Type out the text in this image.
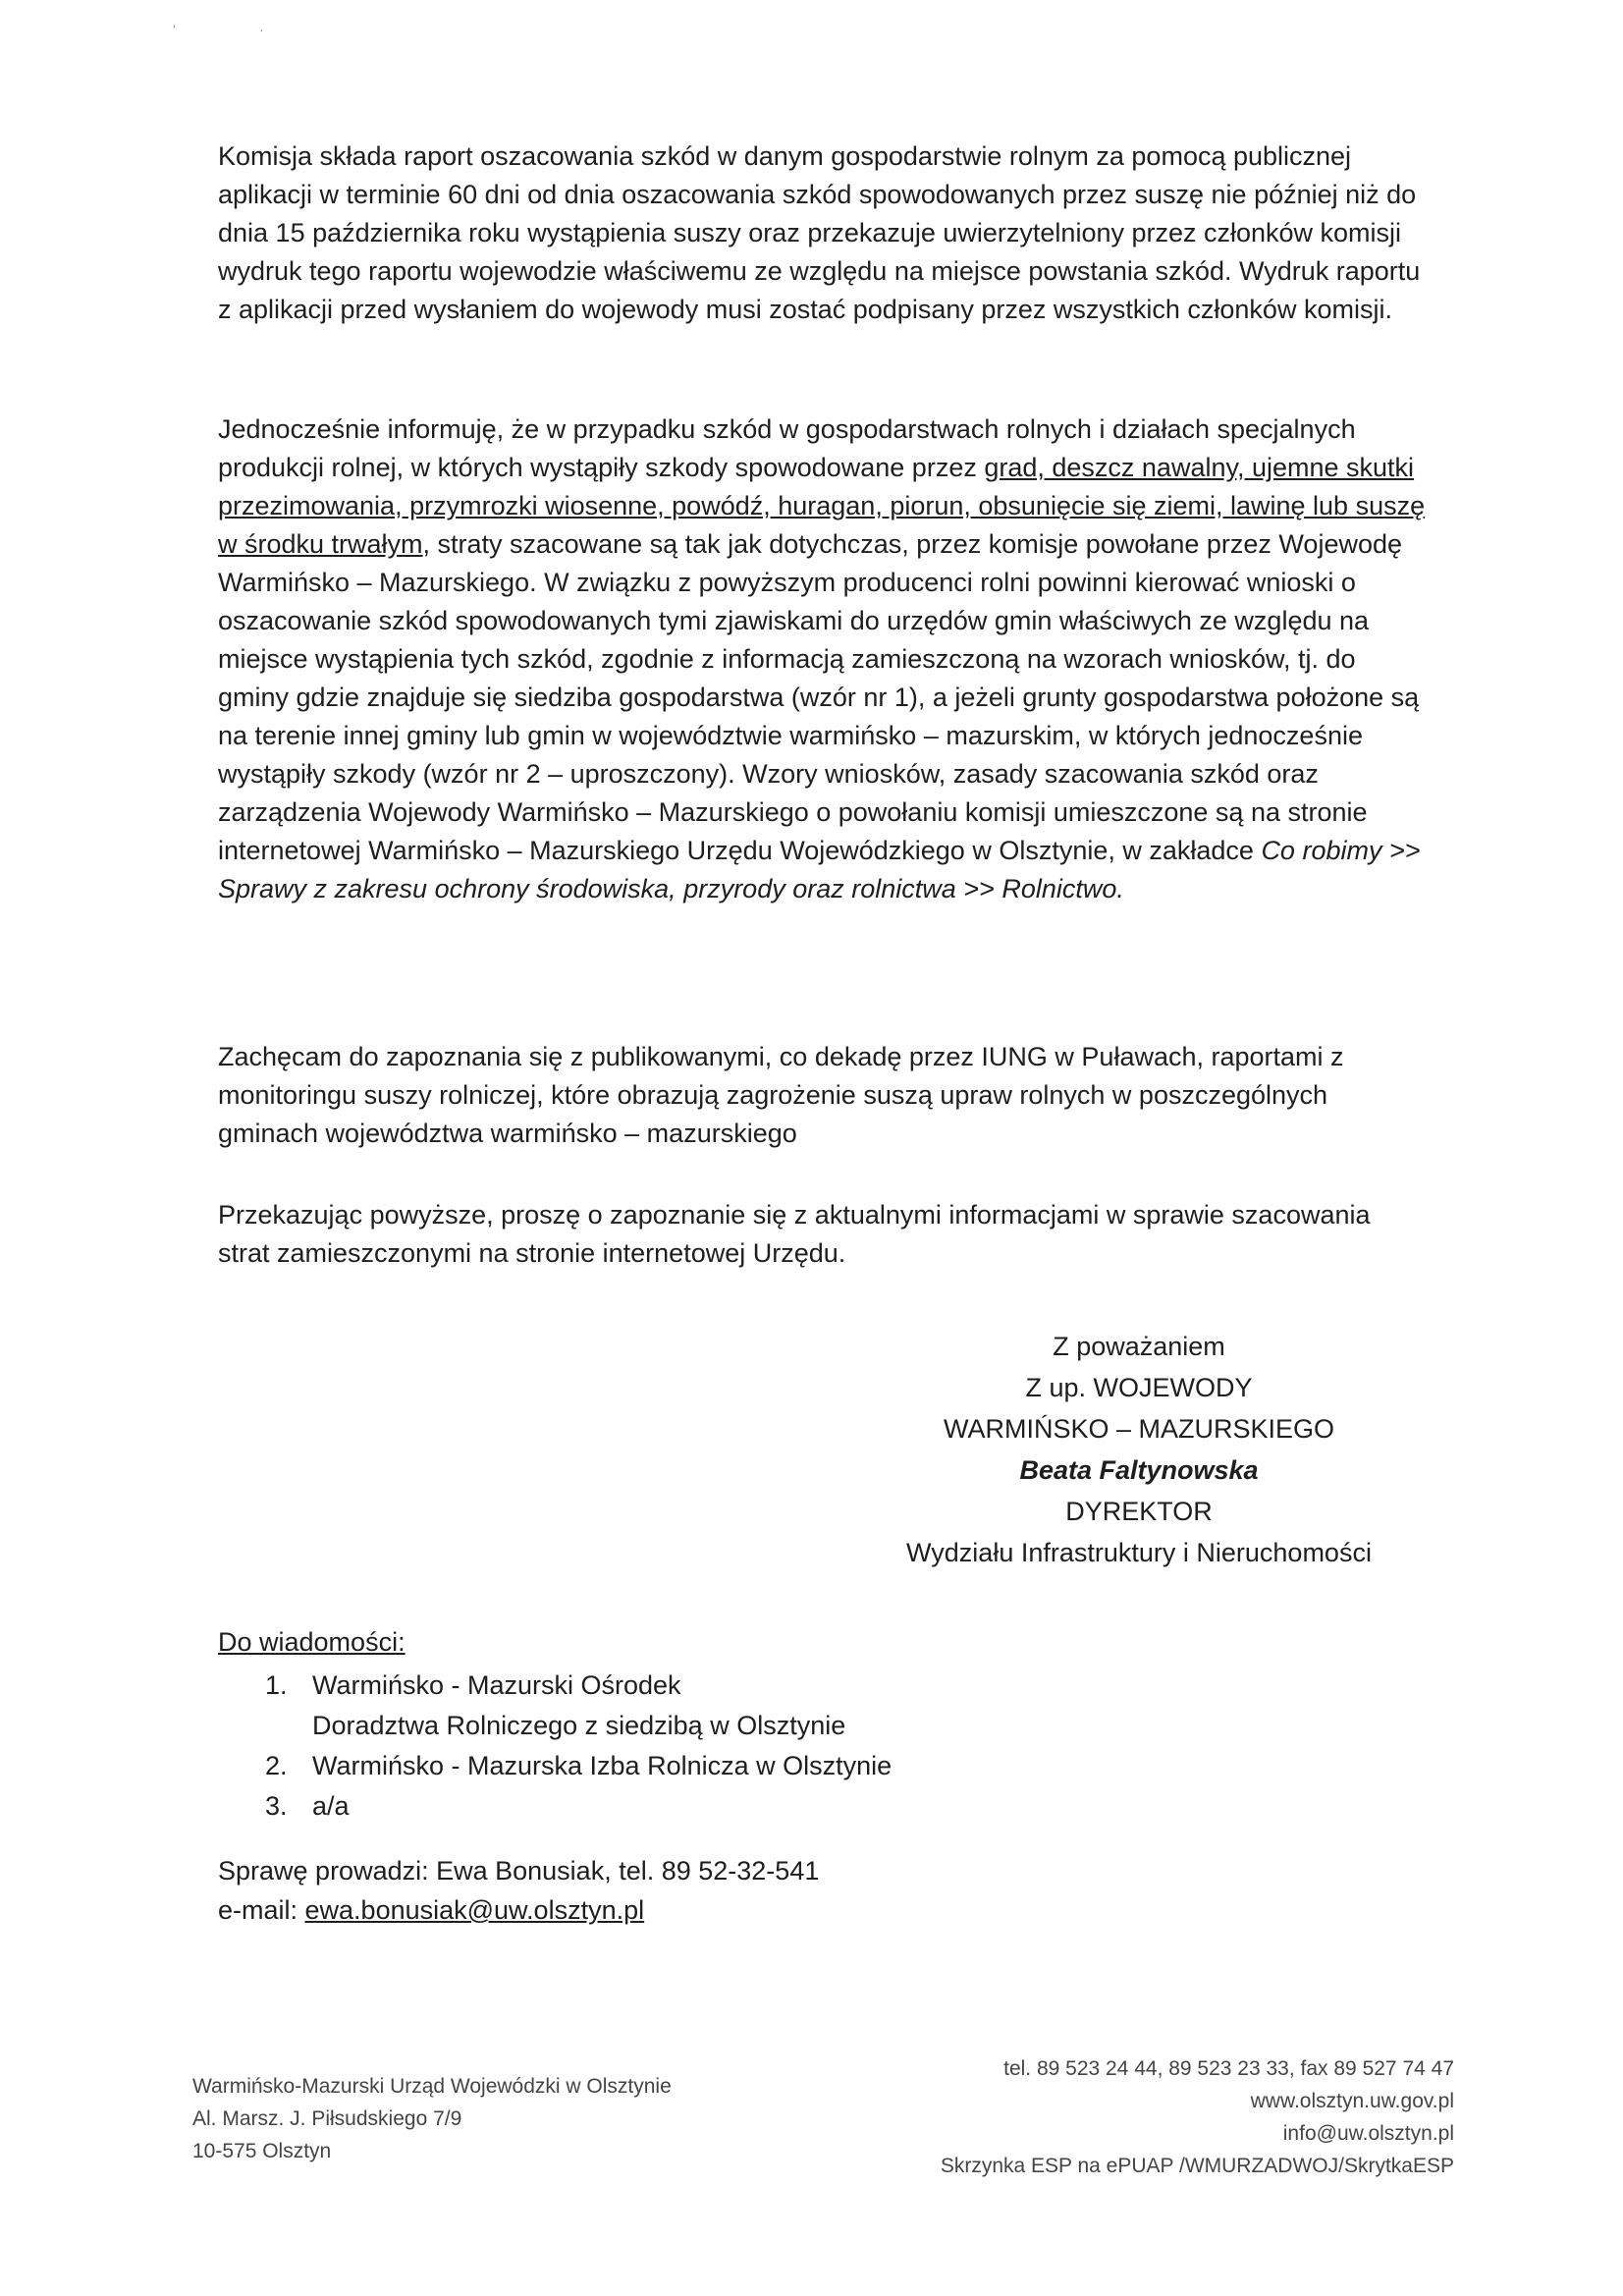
'	·
Komisja składa raport oszacowania szkód w danym gospodarstwie rolnym za pomocą publicznej aplikacji w terminie 60 dni od dnia oszacowania szkód spowodowanych przez suszę nie później niż do dnia 15 października roku wystąpienia suszy oraz przekazuje uwierzytelniony przez członków komisji wydruk tego raportu wojewodzie właściwemu ze względu na miejsce powstania szkód. Wydruk raportu z aplikacji przed wysłaniem do wojewody musi zostać podpisany przez wszystkich członków komisji.
Jednocześnie informuję, że w przypadku szkód w gospodarstwach rolnych i działach specjalnych produkcji rolnej, w których wystąpiły szkody spowodowane przez grad, deszcz nawalny, ujemne skutki przezimowania, przymrozki wiosenne, powódź, huragan, piorun, obsunięcie się ziemi, lawinę lub suszę w środku trwałym, straty szacowane są tak jak dotychczas, przez komisje powołane przez Wojewodę Warmińsko – Mazurskiego. W związku z powyższym producenci rolni powinni kierować wnioski o oszacowanie szkód spowodowanych tymi zjawiskami do urzędów gmin właściwych ze względu na miejsce wystąpienia tych szkód, zgodnie z informacją zamieszczoną na wzorach wniosków, tj. do gminy gdzie znajduje się siedziba gospodarstwa (wzór nr 1), a jeżeli grunty gospodarstwa położone są na terenie innej gminy lub gmin w województwie warmińsko – mazurskim, w których jednocześnie wystąpiły szkody (wzór nr 2 – uproszczony). Wzory wniosków, zasady szacowania szkód oraz zarządzenia Wojewody Warmińsko – Mazurskiego o powołaniu komisji umieszczone są na stronie internetowej Warmińsko – Mazurskiego Urzędu Wojewódzkiego w Olsztynie, w zakładce Co robimy >> Sprawy z zakresu ochrony środowiska, przyrody oraz rolnictwa >> Rolnictwo.
Zachęcam do zapoznania się z publikowanymi, co dekadę przez IUNG w Puławach, raportami z monitoringu suszy rolniczej, które obrazują zagrożenie suszą upraw rolnych w poszczególnych gminach województwa warmińsko – mazurskiego
Przekazując powyższe, proszę o zapoznanie się z aktualnymi informacjami w sprawie szacowania strat zamieszczonymi na stronie internetowej Urzędu.
Z poważaniem
Z up. WOJEWODY
WARMIŃSKO – MAZURSKIEGO
Beata Faltynowska
DYREKTOR
Wydziału Infrastruktury i Nieruchomości
Do wiadomości:
1. Warmińsko - Mazurski Ośrodek
Doradztwa Rolniczego z siedzibą w Olsztynie
2. Warmińsko - Mazurska Izba Rolnicza w Olsztynie
3. a/a
Sprawę prowadzi: Ewa Bonusiak, tel. 89 52-32-541
e-mail: ewa.bonusiak@uw.olsztyn.pl
Warmińsko-Mazurski Urząd Wojewódzki w Olsztynie
Al. Marsz. J. Piłsudskiego 7/9
10-575 Olsztyn
tel. 89 523 24 44, 89 523 23 33, fax 89 527 74 47
www.olsztyn.uw.gov.pl
info@uw.olsztyn.pl
Skrzynka ESP na ePUAP /WMURZADWOJ/SkrytkaESP
